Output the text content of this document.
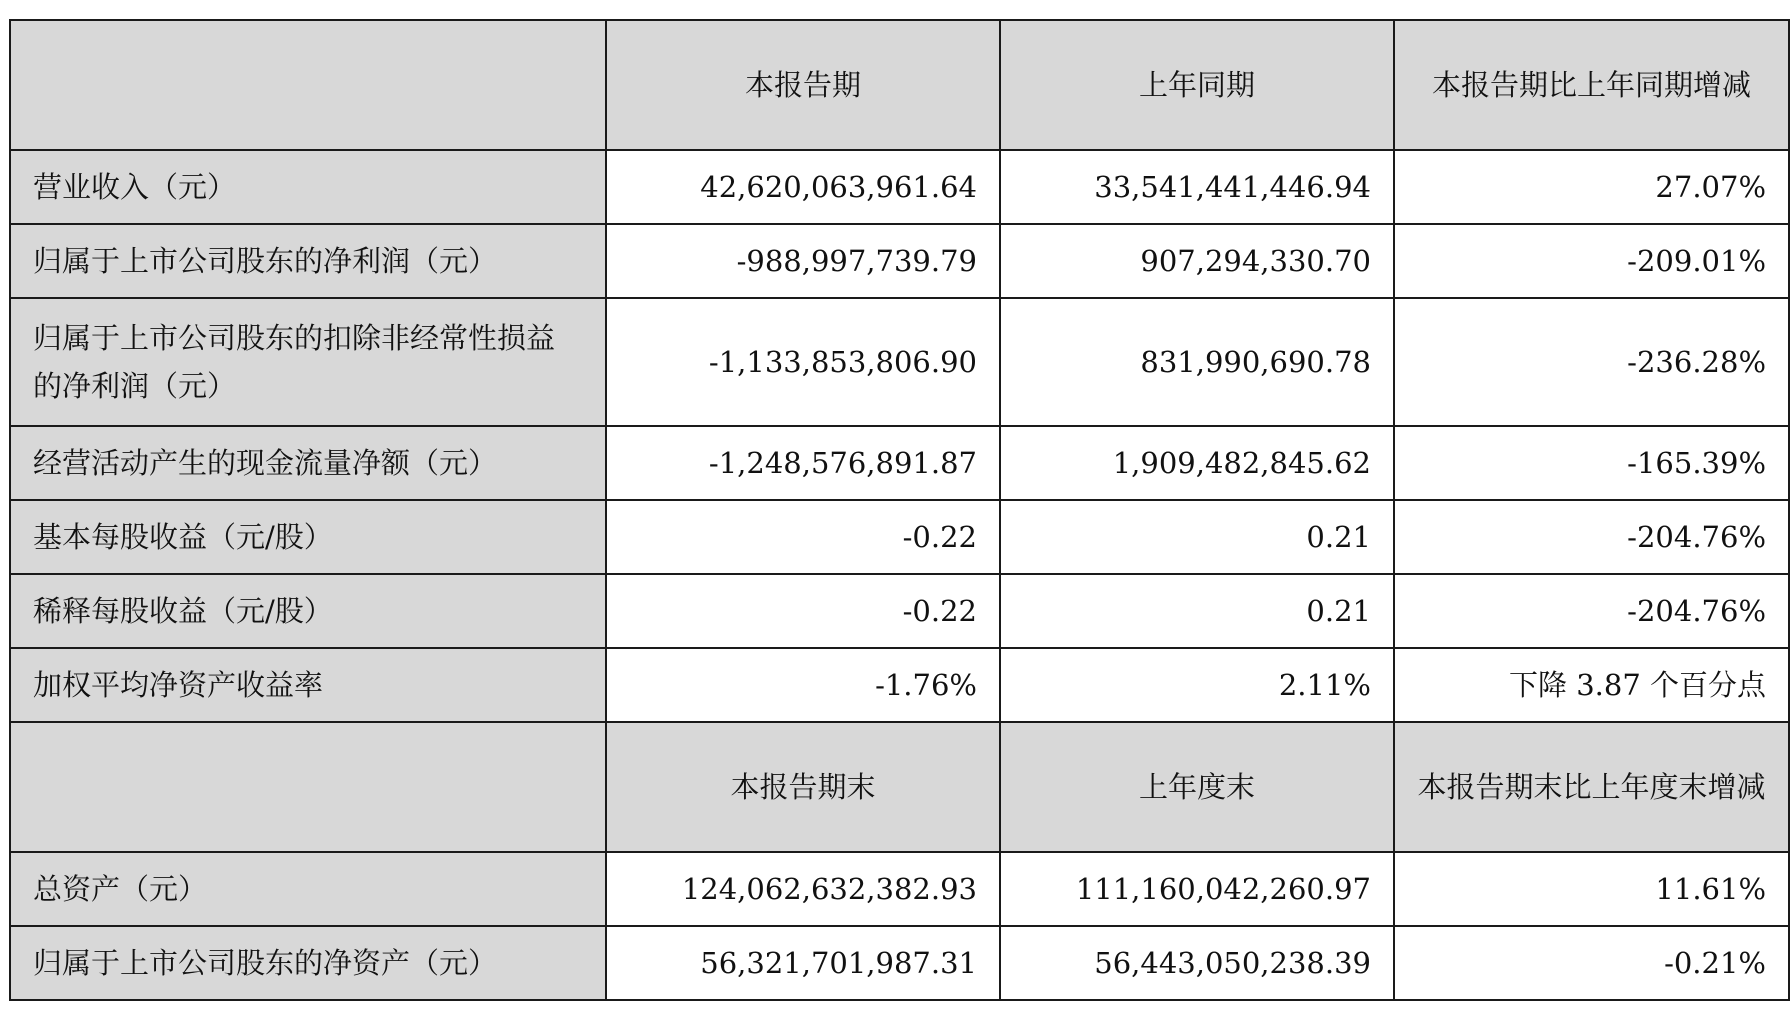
	本报告期	上年同期	本报告期比上年同期增减
营业收入（元）	42,620,063,961.64	33,541,441,446.94	27.07%
归属于上市公司股东的净利润（元）	-988,997,739.79	907,294,330.70	-209.01%
归属于上市公司股东的扣除非经常性损益的净利润（元）	-1,133,853,806.90	831,990,690.78	-236.28%
经营活动产生的现金流量净额（元）	-1,248,576,891.87	1,909,482,845.62	-165.39%
基本每股收益（元/股）	-0.22	0.21	-204.76%
稀释每股收益（元/股）	-0.22	0.21	-204.76%
加权平均净资产收益率	-1.76%	2.11%	下降 3.87 个百分点
	本报告期末	上年度末	本报告期末比上年度末增减
总资产（元）	124,062,632,382.93	111,160,042,260.97	11.61%
归属于上市公司股东的净资产（元）	56,321,701,987.31	56,443,050,238.39	-0.21%
